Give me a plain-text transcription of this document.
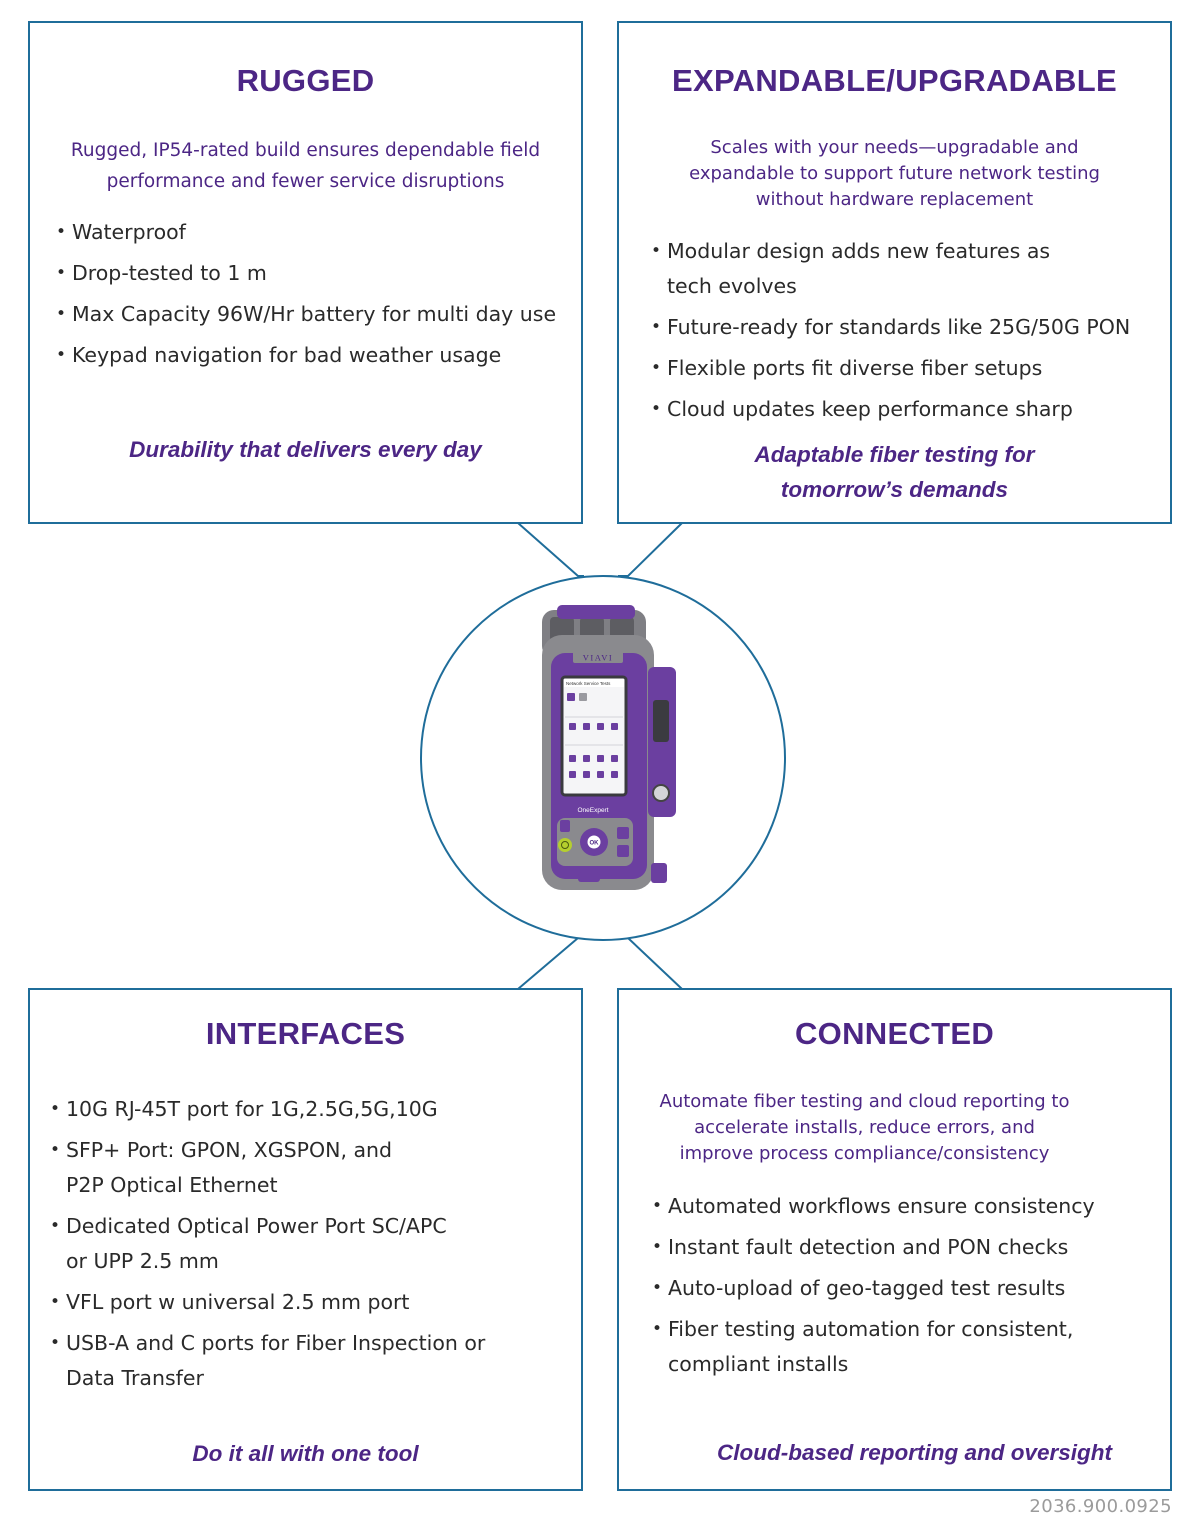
RUGGED

Rugged, IP54-rated build ensures dependable field performance and fewer service disruptions

• Waterproof
• Drop-tested to 1 m
• Max Capacity 96W/Hr battery for multi day use
• Keypad navigation for bad weather usage

Durability that delivers every day

EXPANDABLE/UPGRADABLE

Scales with your needs—upgradable and expandable to support future network testing without hardware replacement

• Modular design adds new features as tech evolves
• Future-ready for standards like 25G/50G PON
• Flexible ports fit diverse fiber setups
• Cloud updates keep performance sharp

Adaptable fiber testing for tomorrow’s demands

INTERFACES
• 10G RJ-45T port for 1G,2.5G,5G,10G
• SFP+ Port: GPON, XGSPON, and P2P Optical Ethernet
• Dedicated Optical Power Port SC/APC or UPP 2.5 mm
• VFL port w universal 2.5 mm port
• USB-A and C ports for Fiber Inspection or Data Transfer

Do it all with one tool

CONNECTED

Automate fiber testing and cloud reporting to accelerate installs, reduce errors, and improve process compliance/consistency

• Automated workflows ensure consistency
• Instant fault detection and PON checks
• Auto-upload of geo-tagged test results
• Fiber testing automation for consistent, compliant installs

Cloud-based reporting and oversight

VIAVI
Network Service Tests
OneExpert
OK
2036.900.0925
